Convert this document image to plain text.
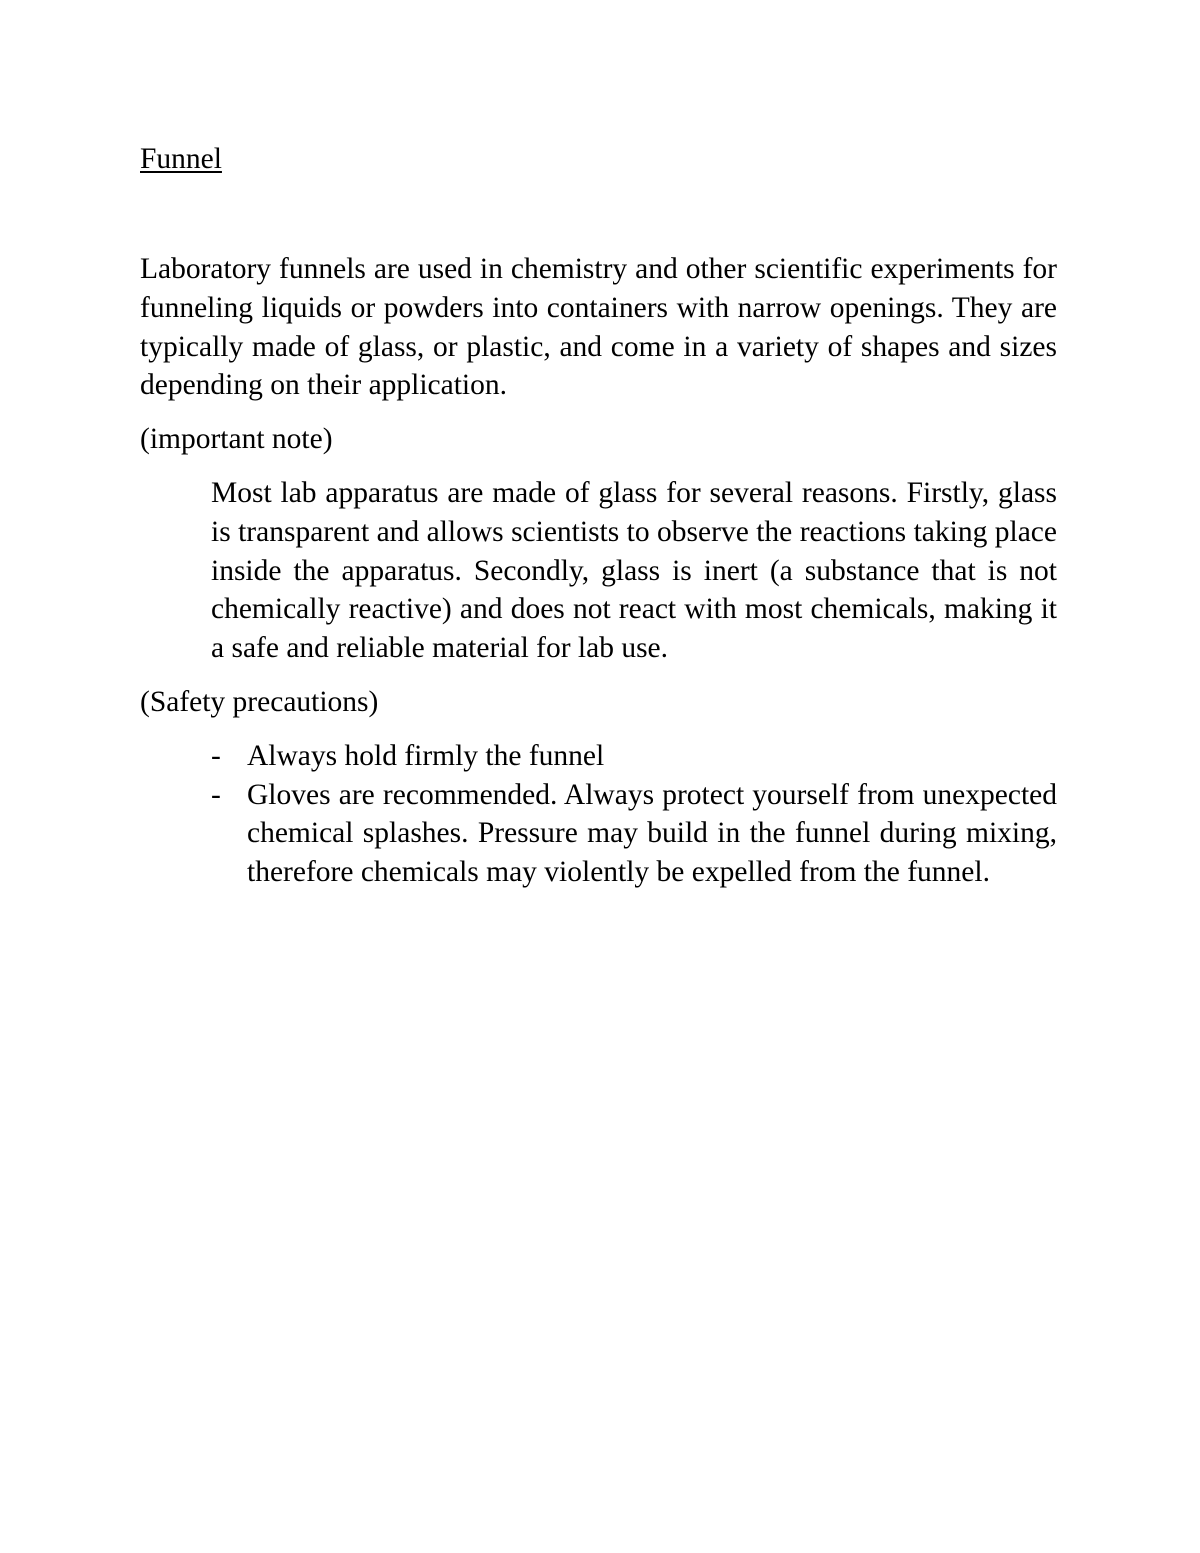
Funnel

Laboratory funnels are used in chemistry and other scientific experiments for funneling liquids or powders into containers with narrow openings. They are typically made of glass, or plastic, and come in a variety of shapes and sizes depending on their application.

(important note)

Most lab apparatus are made of glass for several reasons. Firstly, glass is transparent and allows scientists to observe the reactions taking place inside the apparatus. Secondly, glass is inert (a substance that is not chemically reactive) and does not react with most chemicals, making it a safe and reliable material for lab use.

(Safety precautions)

- Always hold firmly the funnel
- Gloves are recommended. Always protect yourself from unexpected chemical splashes. Pressure may build in the funnel during mixing, therefore chemicals may violently be expelled from the funnel.
